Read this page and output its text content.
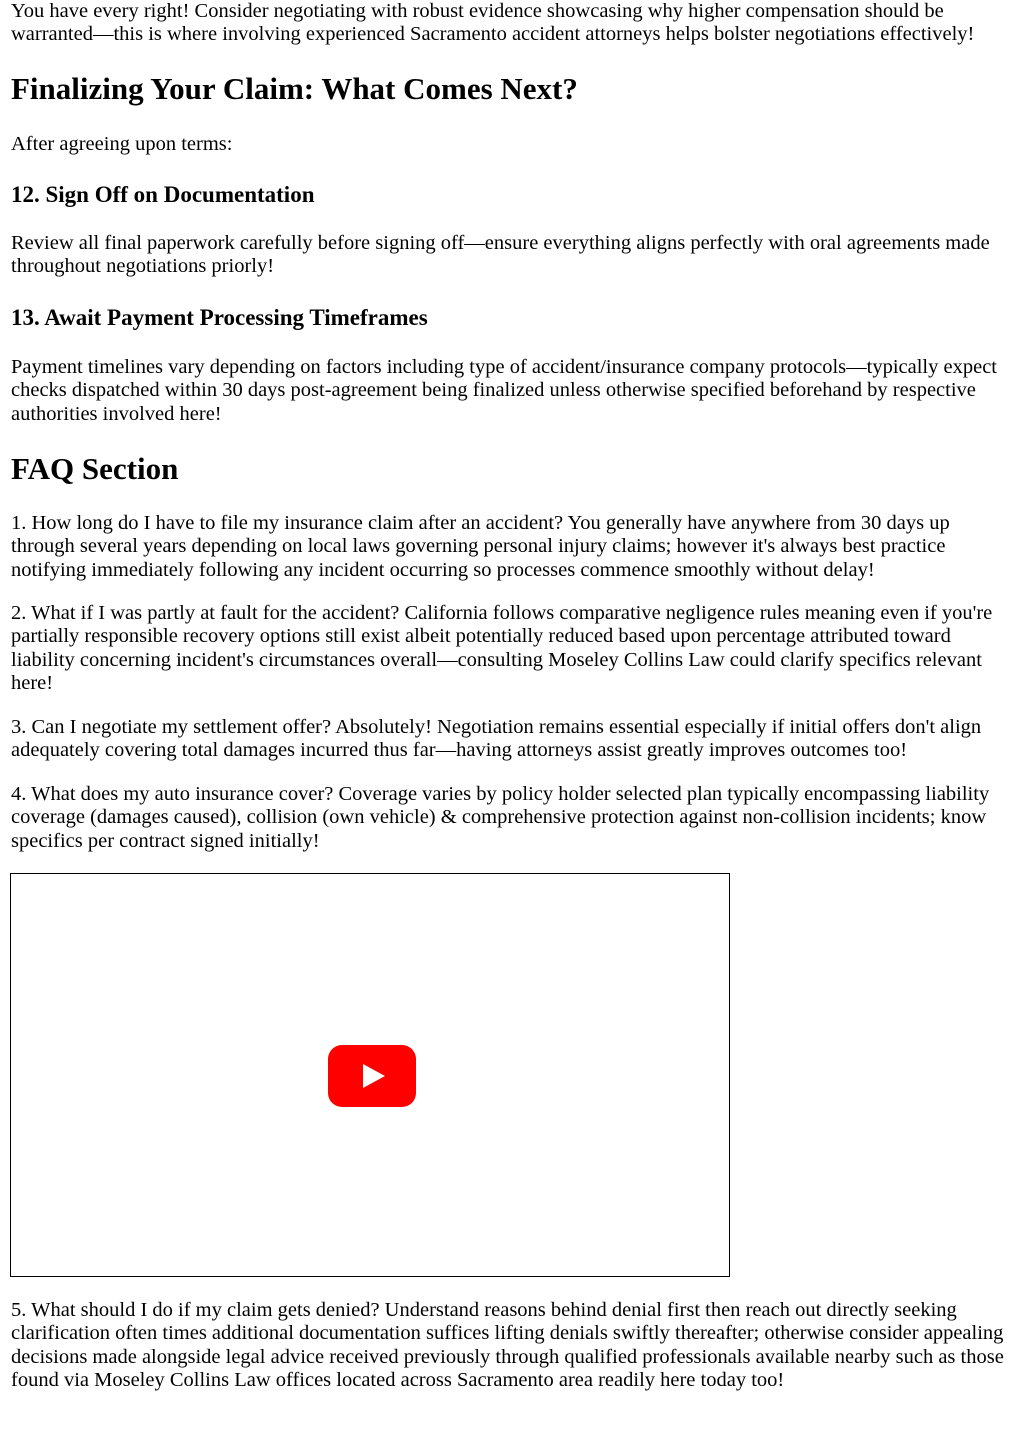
You have every right! Consider negotiating with robust evidence showcasing why higher compensation should be warranted—this is where involving experienced Sacramento accident attorneys helps bolster negotiations effectively!

Finalizing Your Claim: What Comes Next?

After agreeing upon terms:

12. Sign Off on Documentation

Review all final paperwork carefully before signing off—ensure everything aligns perfectly with oral agreements made throughout negotiations priorly!

13. Await Payment Processing Timeframes

Payment timelines vary depending on factors including type of accident/insurance company protocols—typically expect checks dispatched within 30 days post-agreement being finalized unless otherwise specified beforehand by respective authorities involved here!

FAQ Section

1. How long do I have to file my insurance claim after an accident? You generally have anywhere from 30 days up through several years depending on local laws governing personal injury claims; however it's always best practice notifying immediately following any incident occurring so processes commence smoothly without delay!

2. What if I was partly at fault for the accident? California follows comparative negligence rules meaning even if you're partially responsible recovery options still exist albeit potentially reduced based upon percentage attributed toward liability concerning incident's circumstances overall—consulting Moseley Collins Law could clarify specifics relevant here!

3. Can I negotiate my settlement offer? Absolutely! Negotiation remains essential especially if initial offers don't align adequately covering total damages incurred thus far—having attorneys assist greatly improves outcomes too!

4. What does my auto insurance cover? Coverage varies by policy holder selected plan typically encompassing liability coverage (damages caused), collision (own vehicle) & comprehensive protection against non-collision incidents; know specifics per contract signed initially!

5. What should I do if my claim gets denied? Understand reasons behind denial first then reach out directly seeking clarification often times additional documentation suffices lifting denials swiftly thereafter; otherwise consider appealing decisions made alongside legal advice received previously through qualified professionals available nearby such as those found via Moseley Collins Law offices located across Sacramento area readily here today too!
